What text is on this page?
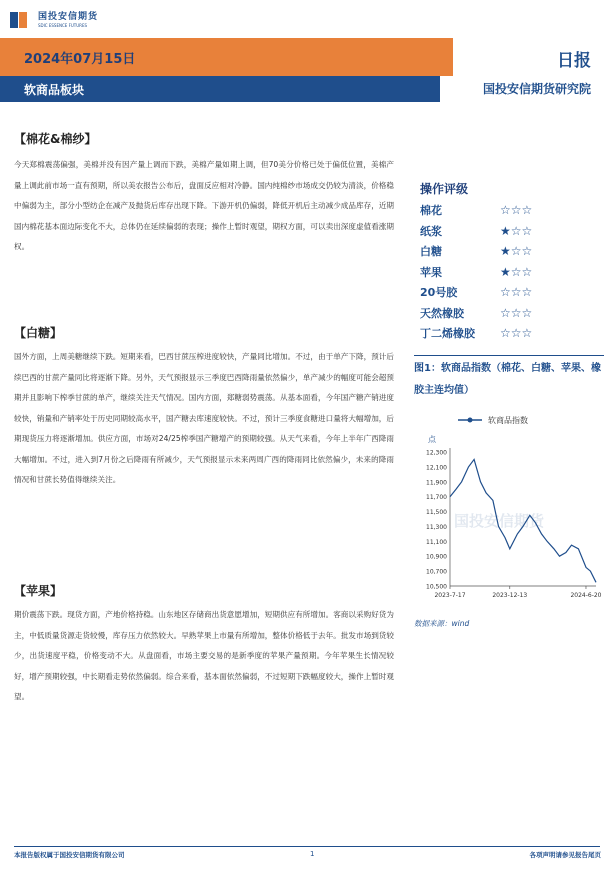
国投安信期货
SDIC ESSENCE FUTURES
2024年07月15日	日报
软商品板块	国投安信期货研究院
【棉花&棉纱】
今天郑棉震荡偏强，美棉并没有因产量上调而下跌，美棉产量如期上调，但70美分价格已处于偏低位置，美棉产量上调此前市场一直有预期，所以美农报告公布后，盘面反应相对冷静。国内纯棉纱市场成交仍较为清淡，价格稳中偏弱为主，部分小型纺企在减产及抛货后库存出现下降。下游开机仍偏弱，降低开机后主动减少成品库存，近期国内棉花基本面边际变化不大，总体仍在延续偏弱的表现；操作上暂时观望，期权方面，可以卖出深度虚值看涨期权。
【白糖】
国外方面，上周美糖继续下跌。短期来看，巴西甘蔗压榨进度较快，产量同比增加。不过，由于单产下降，预计后续巴西的甘蔗产量同比将逐渐下降。另外，天气预报显示三季度巴西降雨量依然偏少，单产减少的幅度可能会超预期并且影响下榨季甘蔗的单产，继续关注天气情况。国内方面，郑糖弱势震荡。从基本面看，今年国产糖产销进度较快，销量和产销率处于历史同期较高水平，国产糖去库速度较快。不过，预计三季度食糖进口量将大幅增加，后期现货压力将逐渐增加。供应方面，市场对24/25榨季国产糖增产的预期较强。从天气来看，今年上半年广西降雨大幅增加。不过，进入到7月份之后降雨有所减少，天气预报显示未来两周广西的降雨同比依然偏少，未来的降雨情况和甘蔗长势值得继续关注。
【苹果】
期价震荡下跌。现货方面，产地价格持稳。山东地区存储商出货意愿增加，短期供应有所增加。客商以采购好货为主，中低质量货源走货较慢，库存压力依然较大。早熟苹果上市量有所增加，整体价格低于去年。批发市场到货较少，出货速度平稳，价格变动不大。从盘面看，市场主要交易的是新季度的苹果产量预期。今年苹果生长情况较好，增产预期较强，中长期看走势依然偏弱。综合来看，基本面依然偏弱，不过短期下跌幅度较大，操作上暂时观望。
操作评级
棉花	☆☆☆
纸浆	★☆☆
白糖	★☆☆
苹果	★☆☆
20号胶	☆☆☆
天然橡胶	☆☆☆
丁二烯橡胶	☆☆☆
图1：软商品指数（棉花、白糖、苹果、橡胶主连均值）
软商品指数
点
国投安信期货
10,500
10,700
10,900
11,100
11,300
11,500
11,700
11,900
12,100
12,300
2023-7-17	2023-12-13	2024-6-20
数据来源：wind
本报告版权属于国投安信期货有限公司	1	各项声明请参见报告尾页
